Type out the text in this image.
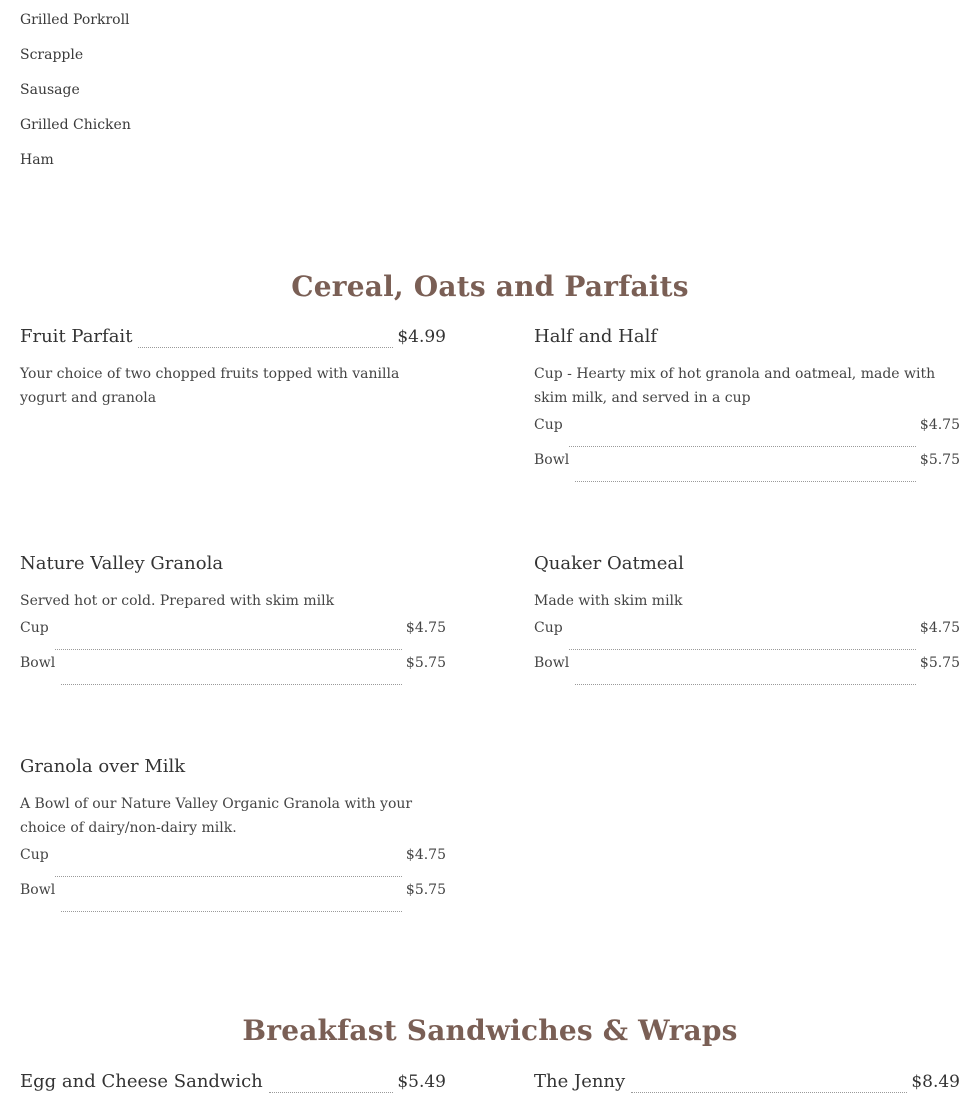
Grilled Porkroll
Scrapple
Sausage
Grilled Chicken
Ham
Cereal, Oats and Parfaits
Fruit Parfait	$4.99
Your choice of two chopped fruits topped with vanilla yogurt and granola
Half and Half
Cup - Hearty mix of hot granola and oatmeal, made with skim milk, and served in a cup
Cup	$4.75
Bowl	$5.75
Nature Valley Granola
Served hot or cold. Prepared with skim milk
Cup	$4.75
Bowl	$5.75
Quaker Oatmeal
Made with skim milk
Cup	$4.75
Bowl	$5.75
Granola over Milk
A Bowl of our Nature Valley Organic Granola with your choice of dairy/non-dairy milk.
Cup	$4.75
Bowl	$5.75
Breakfast Sandwiches & Wraps
Egg and Cheese Sandwich	$5.49	The Jenny	$8.49
